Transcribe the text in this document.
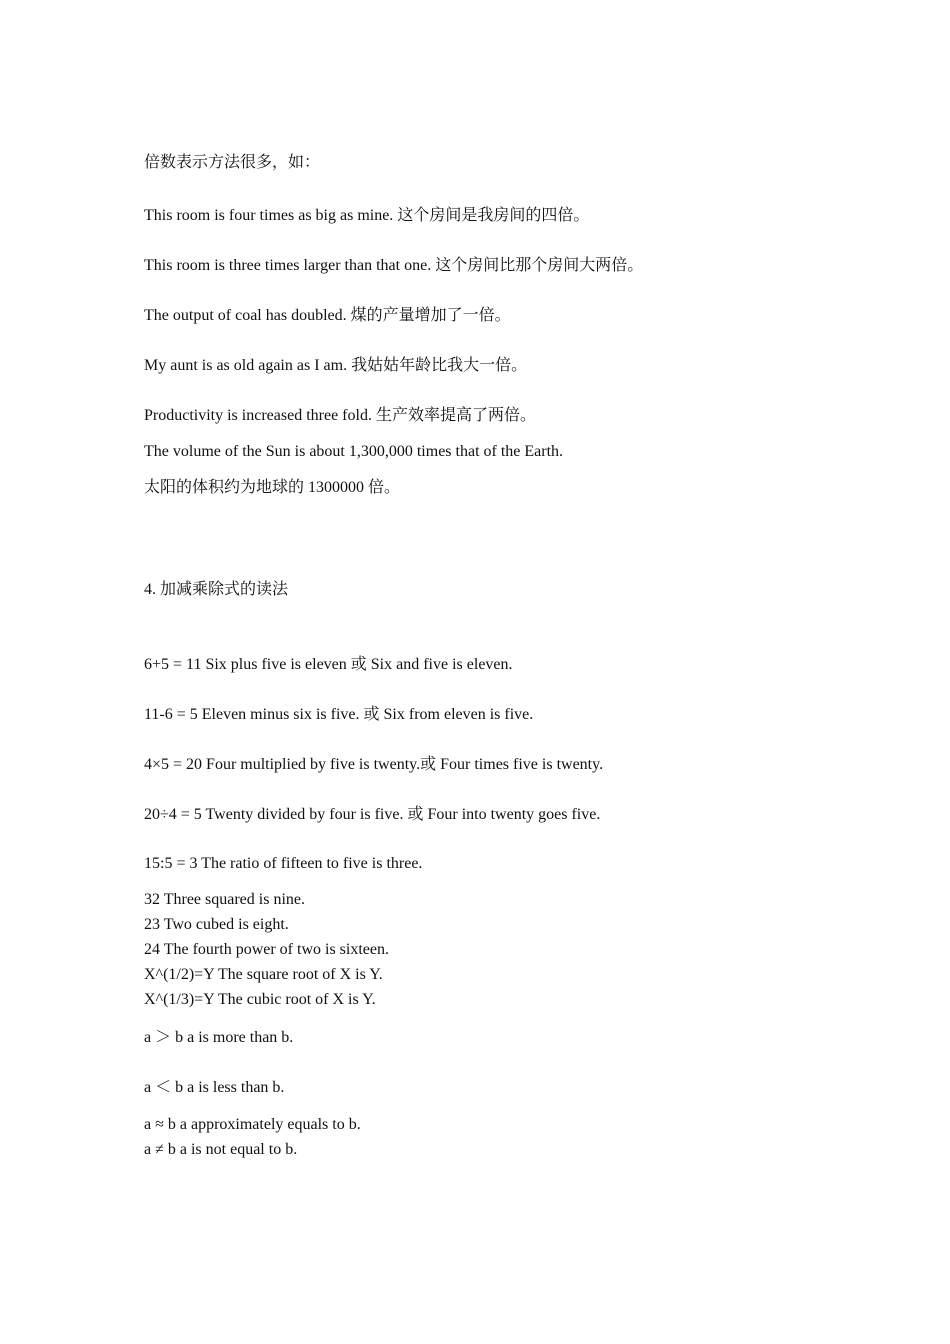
倍数表示方法很多，如：
This room is four times as big as mine. 这个房间是我房间的四倍。
This room is three times larger than that one. 这个房间比那个房间大两倍。
The output of coal has doubled. 煤的产量增加了一倍。
My aunt is as old again as I am. 我姑姑年龄比我大一倍。
Productivity is increased three fold. 生产效率提高了两倍。
The volume of the Sun is about 1,300,000 times that of the Earth.
太阳的体积约为地球的 1300000 倍。
4. 加减乘除式的读法
6+5 = 11 Six plus five is eleven 或 Six and five is eleven.
11-6 = 5 Eleven minus six is five. 或 Six from eleven is five.
4×5 = 20 Four multiplied by five is twenty.或 Four times five is twenty.
20÷4 = 5 Twenty divided by four is five. 或 Four into twenty goes five.
15:5 = 3 The ratio of fifteen to five is three.
32 Three squared is nine.
23 Two cubed is eight.
24 The fourth power of two is sixteen.
X^(1/2)=Y The square root of X is Y.
X^(1/3)=Y The cubic root of X is Y.
a ＞ b a is more than b.
a ＜ b a is less than b.
a ≈ b a approximately equals to b.
a ≠ b a is not equal to b.
